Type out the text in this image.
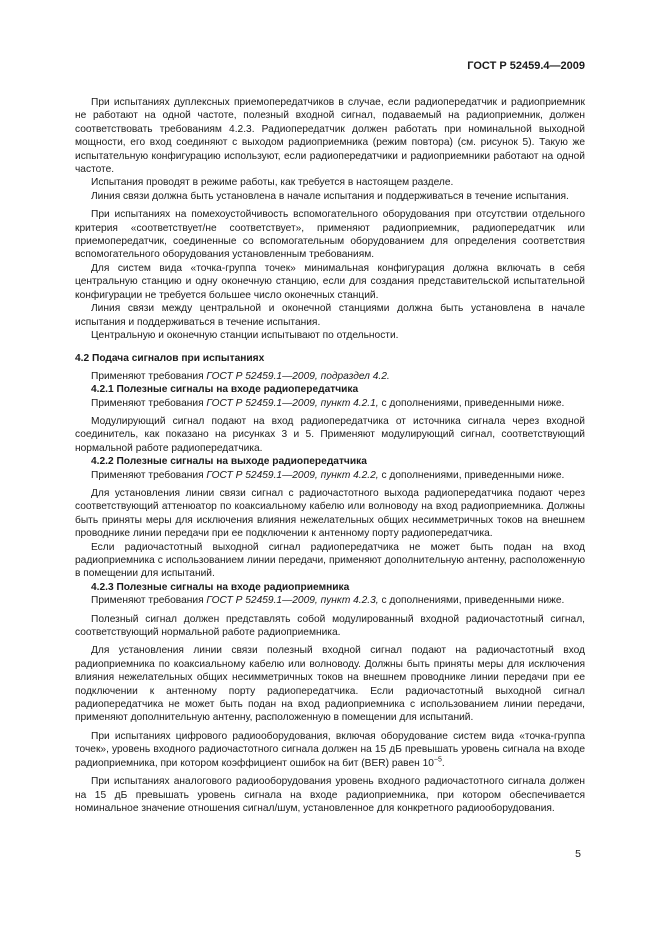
ГОСТ Р 52459.4—2009

При испытаниях дуплексных приемопередатчиков в случае, если радиопередатчик и радиоприемник не работают на одной частоте, полезный входной сигнал, подаваемый на радиоприемник, должен соответствовать требованиям 4.2.3. Радиопередатчик должен работать при номинальной выходной мощности, его вход соединяют с выходом радиоприемника (режим повтора) (см. рисунок 5). Такую же испытательную конфигурацию используют, если радиопередатчики и радиоприемники работают на одной частоте.

Испытания проводят в режиме работы, как требуется в настоящем разделе.

Линия связи должна быть установлена в начале испытания и поддерживаться в течение испытания.

При испытаниях на помехоустойчивость вспомогательного оборудования при отсутствии отдельного критерия «соответствует/не соответствует», применяют радиоприемник, радиопередатчик или приемопередатчик, соединенные со вспомогательным оборудованием для определения соответствия вспомогательного оборудования установленным требованиям.

Для систем вида «точка-группа точек» минимальная конфигурация должна включать в себя центральную станцию и одну оконечную станцию, если для создания представительской испытательной конфигурации не требуется большее число оконечных станций.

Линия связи между центральной и оконечной станциями должна быть установлена в начале испытания и поддерживаться в течение испытания.

Центральную и оконечную станции испытывают по отдельности.

4.2 Подача сигналов при испытаниях

Применяют требования ГОСТ Р 52459.1—2009, подраздел 4.2.

4.2.1 Полезные сигналы на входе радиопередатчика

Применяют требования ГОСТ Р 52459.1—2009, пункт 4.2.1, с дополнениями, приведенными ниже.

Модулирующий сигнал подают на вход радиопередатчика от источника сигнала через входной соединитель, как показано на рисунках 3 и 5. Применяют модулирующий сигнал, соответствующий нормальной работе радиопередатчика.

4.2.2 Полезные сигналы на выходе радиопередатчика

Применяют требования ГОСТ Р 52459.1—2009, пункт 4.2.2, с дополнениями, приведенными ниже.

Для установления линии связи сигнал с радиочастотного выхода радиопередатчика подают через соответствующий аттенюатор по коаксиальному кабелю или волноводу на вход радиоприемника. Должны быть приняты меры для исключения влияния нежелательных общих несимметричных токов на внешнем проводнике линии передачи при ее подключении к антенному порту радиопередатчика.

Если радиочастотный выходной сигнал радиопередатчика не может быть подан на вход радиоприемника с использованием линии передачи, применяют дополнительную антенну, расположенную в помещении для испытаний.

4.2.3 Полезные сигналы на входе радиоприемника

Применяют требования ГОСТ Р 52459.1—2009, пункт 4.2.3, с дополнениями, приведенными ниже.

Полезный сигнал должен представлять собой модулированный входной радиочастотный сигнал, соответствующий нормальной работе радиоприемника.

Для установления линии связи полезный входной сигнал подают на радиочастотный вход радиоприемника по коаксиальному кабелю или волноводу. Должны быть приняты меры для исключения влияния нежелательных общих несимметричных токов на внешнем проводнике линии передачи при ее подключении к антенному порту радиопередатчика. Если радиочастотный выходной сигнал радиопередатчика не может быть подан на вход радиоприемника с использованием линии передачи, применяют дополнительную антенну, расположенную в помещении для испытаний.

При испытаниях цифрового радиооборудования, включая оборудование систем вида «точка-группа точек», уровень входного радиочастотного сигнала должен на 15 дБ превышать уровень сигнала на входе радиоприемника, при котором коэффициент ошибок на бит (BER) равен $10^{-5}$.

При испытаниях аналогового радиооборудования уровень входного радиочастотного сигнала должен на 15 дБ превышать уровень сигнала на входе радиоприемника, при котором обеспечивается номинальное значение отношения сигнал/шум, установленное для конкретного радиооборудования.

5
